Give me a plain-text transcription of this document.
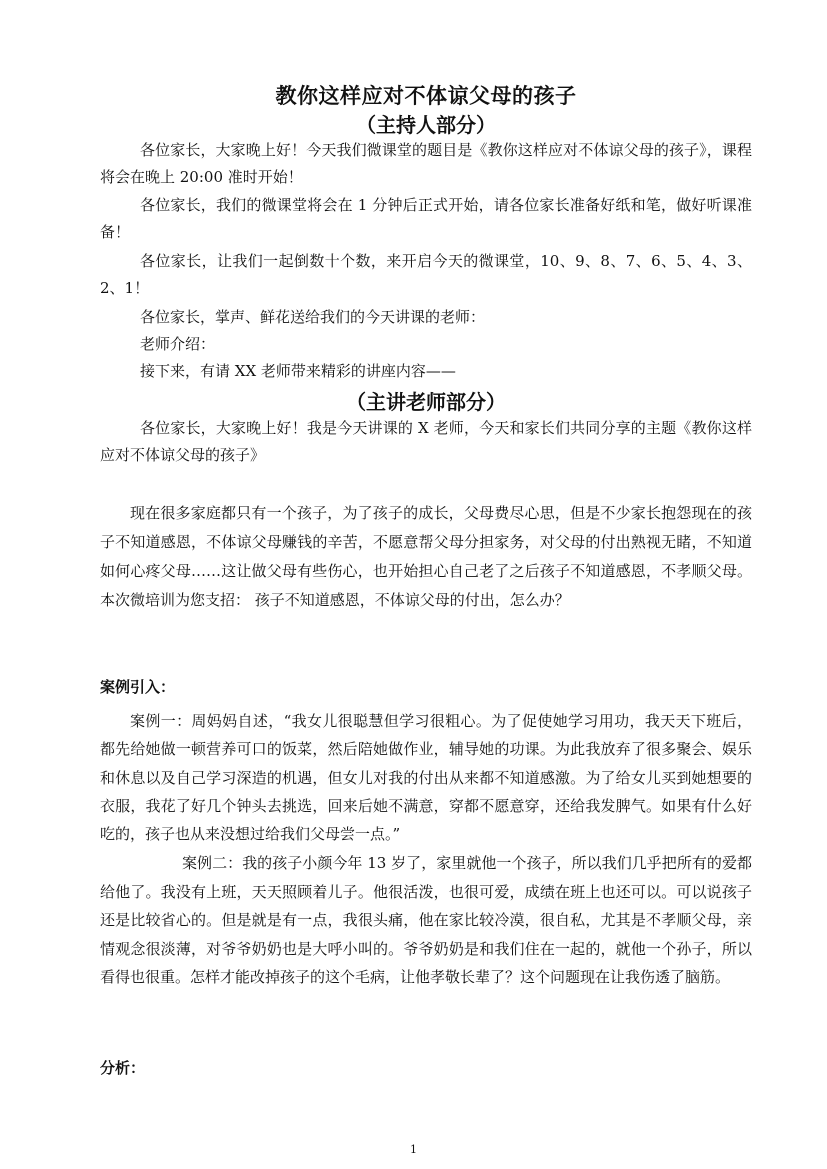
教你这样应对不体谅父母的孩子
（主持人部分）

各位家长，大家晚上好！今天我们微课堂的题目是《教你这样应对不体谅父母的孩子》，课程将会在晚上 20:00 准时开始！

各位家长，我们的微课堂将会在 1 分钟后正式开始，请各位家长准备好纸和笔，做好听课准备！

各位家长，让我们一起倒数十个数，来开启今天的微课堂，10、9、8、7、6、5、4、3、2、1！

各位家长，掌声、鲜花送给我们的今天讲课的老师：

老师介绍：

接下来，有请 XX 老师带来精彩的讲座内容——

（主讲老师部分）

各位家长，大家晚上好！我是今天讲课的 X 老师，今天和家长们共同分享的主题《教你这样应对不体谅父母的孩子》

现在很多家庭都只有一个孩子，为了孩子的成长，父母费尽心思，但是不少家长抱怨现在的孩子不知道感恩，不体谅父母赚钱的辛苦，不愿意帮父母分担家务，对父母的付出熟视无睹，不知道如何心疼父母……这让做父母有些伤心，也开始担心自己老了之后孩子不知道感恩，不孝顺父母。本次微培训为您支招： 孩子不知道感恩，不体谅父母的付出，怎么办？

案例引入：

案例一：周妈妈自述，“我女儿很聪慧但学习很粗心。为了促使她学习用功，我天天下班后，都先给她做一顿营养可口的饭菜，然后陪她做作业，辅导她的功课。为此我放弃了很多聚会、娱乐和休息以及自己学习深造的机遇，但女儿对我的付出从来都不知道感激。为了给女儿买到她想要的衣服，我花了好几个钟头去挑选，回来后她不满意，穿都不愿意穿，还给我发脾气。如果有什么好吃的，孩子也从来没想过给我们父母尝一点。”

案例二：我的孩子小颜今年 13 岁了，家里就他一个孩子，所以我们几乎把所有的爱都给他了。我没有上班，天天照顾着儿子。他很活泼，也很可爱，成绩在班上也还可以。可以说孩子还是比较省心的。但是就是有一点，我很头痛，他在家比较冷漠，很自私，尤其是不孝顺父母，亲情观念很淡薄，对爷爷奶奶也是大呼小叫的。爷爷奶奶是和我们住在一起的，就他一个孙子，所以看得也很重。怎样才能改掉孩子的这个毛病，让他孝敬长辈了？这个问题现在让我伤透了脑筋。

分析：
1
